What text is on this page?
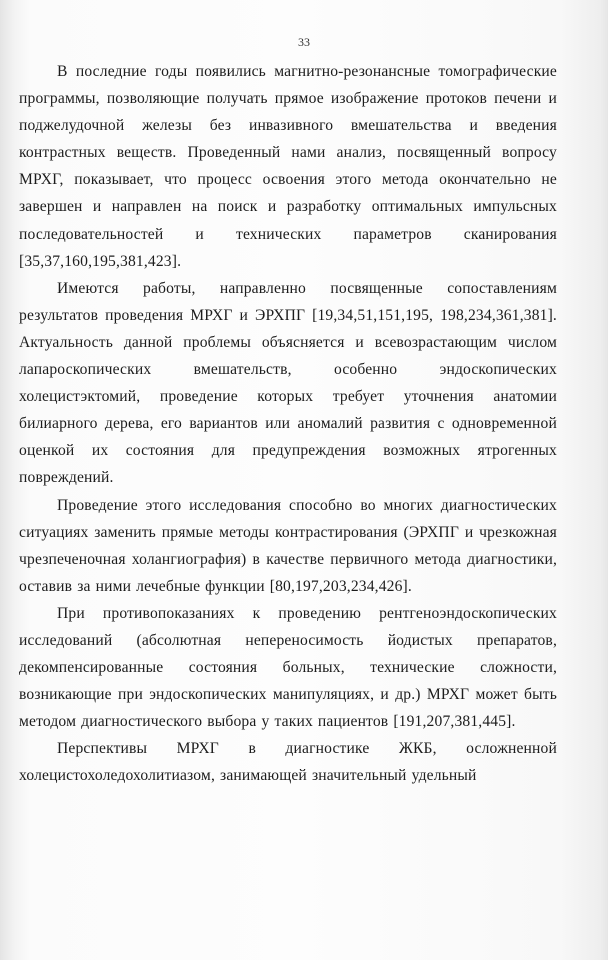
33

В последние годы появились магнитно-резонансные томографические программы, позволяющие получать прямое изображение протоков печени и поджелудочной железы без инвазивного вмешательства и введения контрастных веществ. Проведенный нами анализ, посвященный вопросу МРХГ, показывает, что процесс освоения этого метода окончательно не завершен и направлен на поиск и разработку оптимальных импульсных последовательностей и технических параметров сканирования [35,37,160,195,381,423].

Имеются работы, направленно посвященные сопоставлениям результатов проведения МРХГ и ЭРХПГ [19,34,51,151,195, 198,234,361,381]. Актуальность данной проблемы объясняется и всевозрастающим числом лапароскопических вмешательств, особенно эндоскопических холецистэктомий, проведение которых требует уточнения анатомии билиарного дерева, его вариантов или аномалий развития с одновременной оценкой их состояния для предупреждения возможных ятрогенных повреждений.

Проведение этого исследования способно во многих диагностических ситуациях заменить прямые методы контрастирования (ЭРХПГ и чрезкожная чрезпеченочная холангиография) в качестве первичного метода диагностики, оставив за ними лечебные функции [80,197,203,234,426].

При противопоказаниях к проведению рентгеноэндоскопических исследований (абсолютная непереносимость йодистых препаратов, декомпенсированные состояния больных, технические сложности, возникающие при эндоскопических манипуляциях, и др.) МРХГ может быть методом диагностического выбора у таких пациентов [191,207,381,445].

Перспективы МРХГ в диагностике ЖКБ, осложненной холецистохоледохолитиазом, занимающей значительный удельный
